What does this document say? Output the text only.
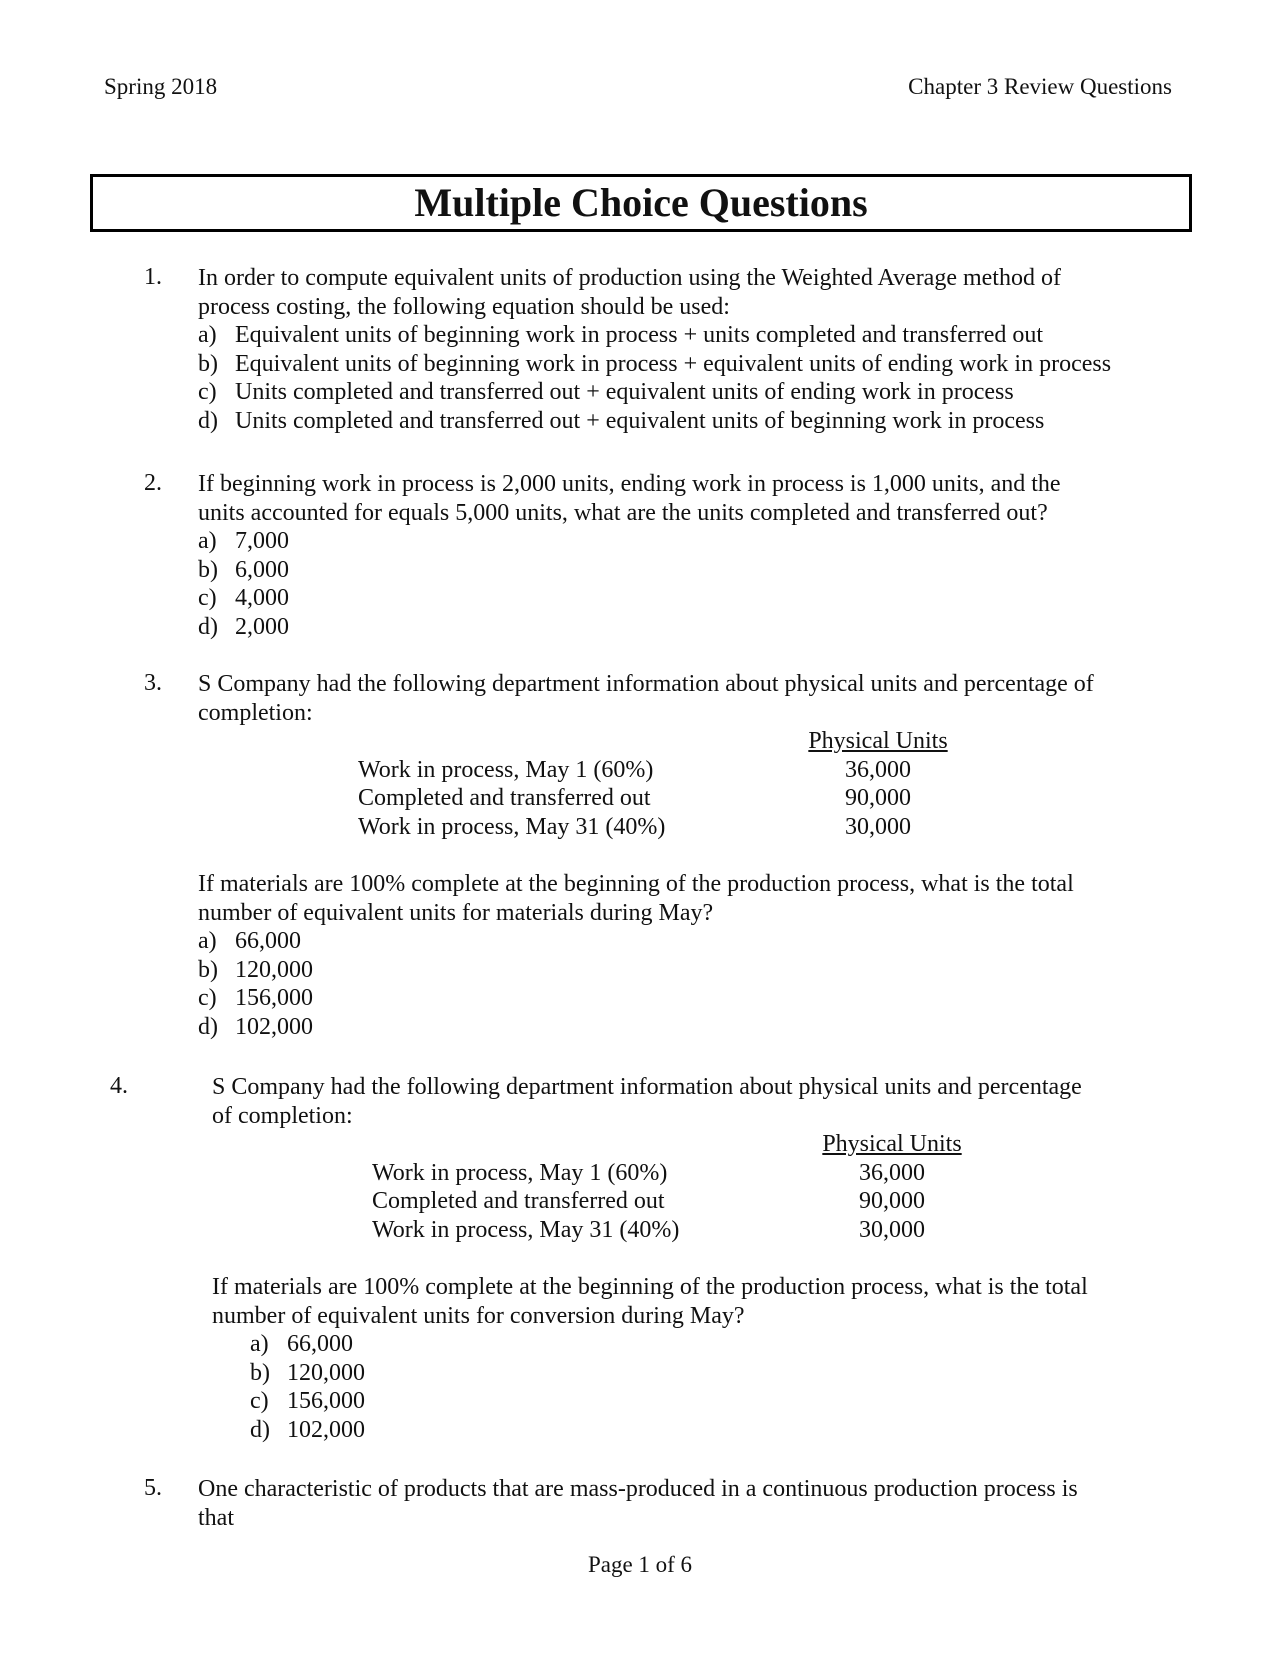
Spring 2018	Chapter 3 Review Questions
Multiple Choice Questions
1. In order to compute equivalent units of production using the Weighted Average method of

process costing, the following equation should be used:

a) Equivalent units of beginning work in process + units completed and transferred out
b) Equivalent units of beginning work in process + equivalent units of ending work in process
c) Units completed and transferred out + equivalent units of ending work in process
d) Units completed and transferred out + equivalent units of beginning work in process
2. If beginning work in process is 2,000 units, ending work in process is 1,000 units, and the

units accounted for equals 5,000 units, what are the units completed and transferred out?

a) 7,000
b) 6,000
c) 4,000
d) 2,000
3. S Company had the following department information about physical units and percentage of

completion:

Physical Units
Work in process, May 1 (60%)	36,000
Completed and transferred out	90,000
Work in process, May 31 (40%)	30,000

If materials are 100% complete at the beginning of the production process, what is the total

number of equivalent units for materials during May?

a) 66,000
b) 120,000
c) 156,000
d) 102,000
4.	S Company had the following department information about physical units and percentage

of completion:

Physical Units
Work in process, May 1 (60%)	36,000
Completed and transferred out	90,000
Work in process, May 31 (40%)	30,000

If materials are 100% complete at the beginning of the production process, what is the total

number of equivalent units for conversion during May?

a) 66,000
b) 120,000
c) 156,000
d) 102,000
5. One characteristic of products that are mass-produced in a continuous production process is

that

Page 1 of 6
